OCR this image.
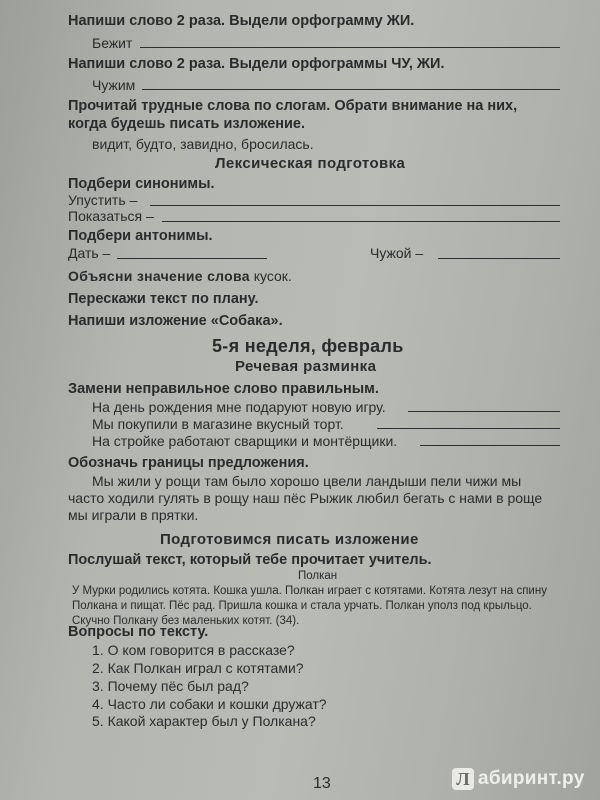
Напиши слово 2 раза. Выдели орфограмму ЖИ.
Бежит
Напиши слово 2 раза. Выдели орфограммы ЧУ, ЖИ.
Чужим
Прочитай трудные слова по слогам. Обрати внимание на них,
когда будешь писать изложение.
видит, будто, завидно, бросилась.
Лексическая подготовка
Подбери синонимы.
Упустить –
Показаться –
Подбери антонимы.
Дать –	Чужой –
Объясни значение слова кусок.
Перескажи текст по плану.
Напиши изложение «Собака».
5-я неделя, февраль
Речевая разминка
Замени неправильное слово правильным.
На день рождения мне подаруют новую игру.
Мы покупили в магазине вкусный торт.
На стройке работают сварщики и монтёрщики.
Обозначь границы предложения.
Мы жили у рощи там было хорошо цвели ландыши пели чижи мы
часто ходили гулять в рощу наш пёс Рыжик любил бегать с нами в роще
мы играли в прятки.
Подготовимся писать изложение
Послушай текст, который тебе прочитает учитель.
Полкан
У Мурки родились котята. Кошка ушла. Полкан играет с котятами. Котята лезут на спину Полкана и пищат. Пёс рад. Пришла кошка и стала урчать. Полкан уполз под крыльцо. Скучно Полкану без маленьких котят. (34).
Вопросы по тексту.
1. О ком говорится в рассказе?
2. Как Полкан играл с котятами?
3. Почему пёс был рад?
4. Часто ли собаки и кошки дружат?
5. Какой характер был у Полкана?
13	Л абиринт.ру
